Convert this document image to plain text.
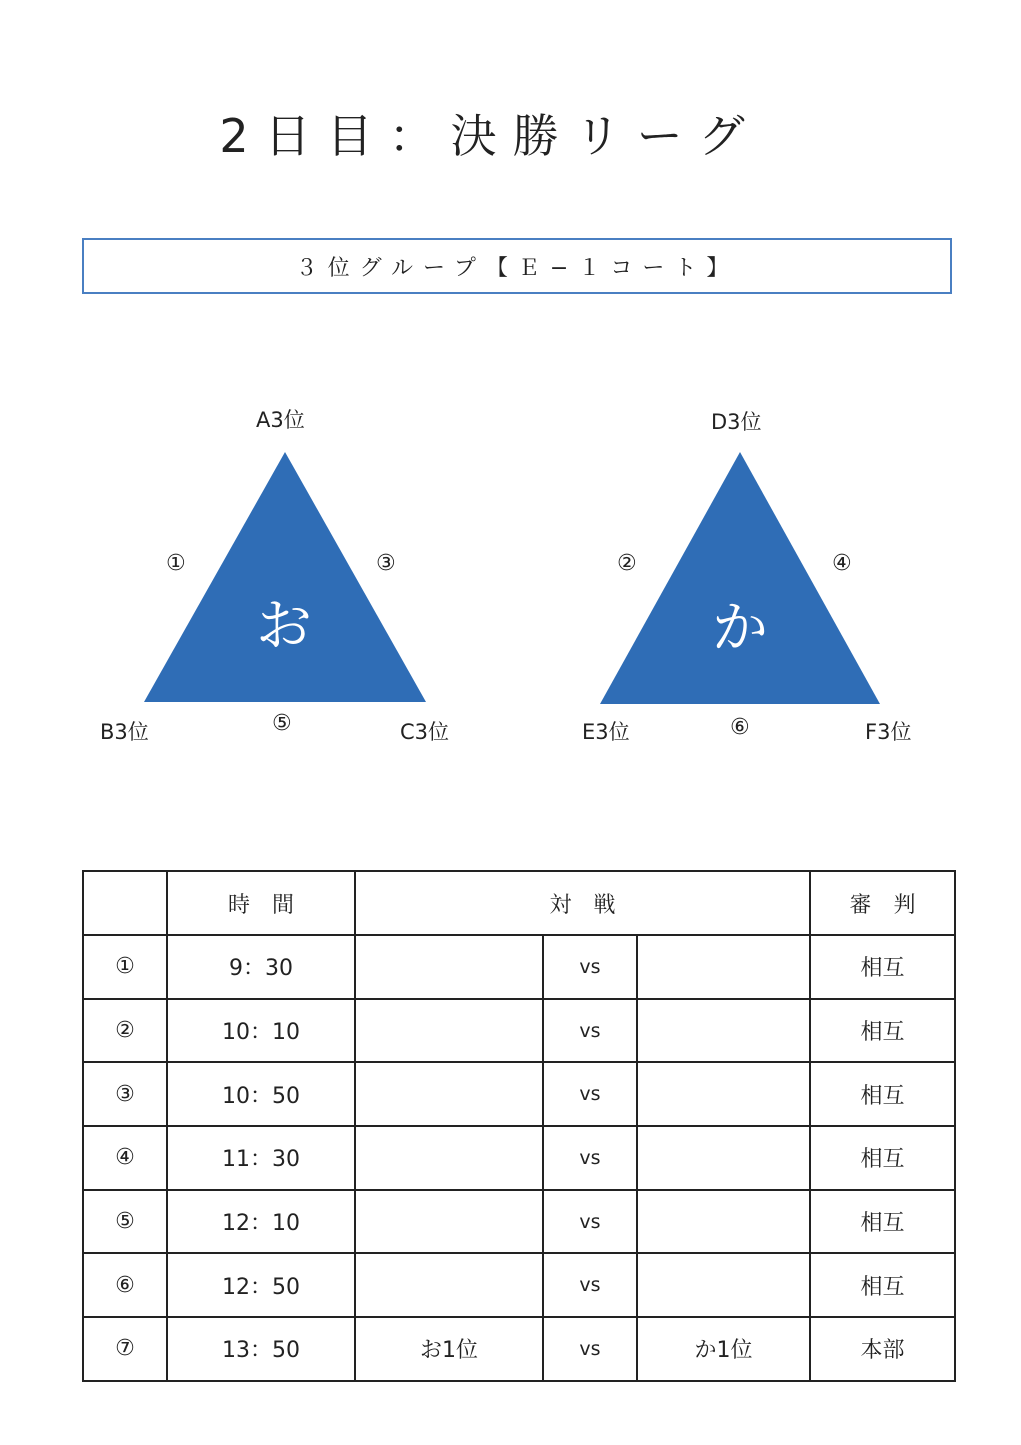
2日目：決勝リーグ
３位グループ【Ｅ−１コート】
お
A3位
B3位	C3位
①	③
⑤
か
D3位
E3位	F3位
②	④
⑥
	時　間	対　戦			審　判
①	9：30		vs		相互
②	10：10		vs		相互
③	10：50		vs		相互
④	11：30		vs		相互
⑤	12：10		vs		相互
⑥	12：50		vs		相互
⑦	13：50	お1位	vs	か1位	本部
